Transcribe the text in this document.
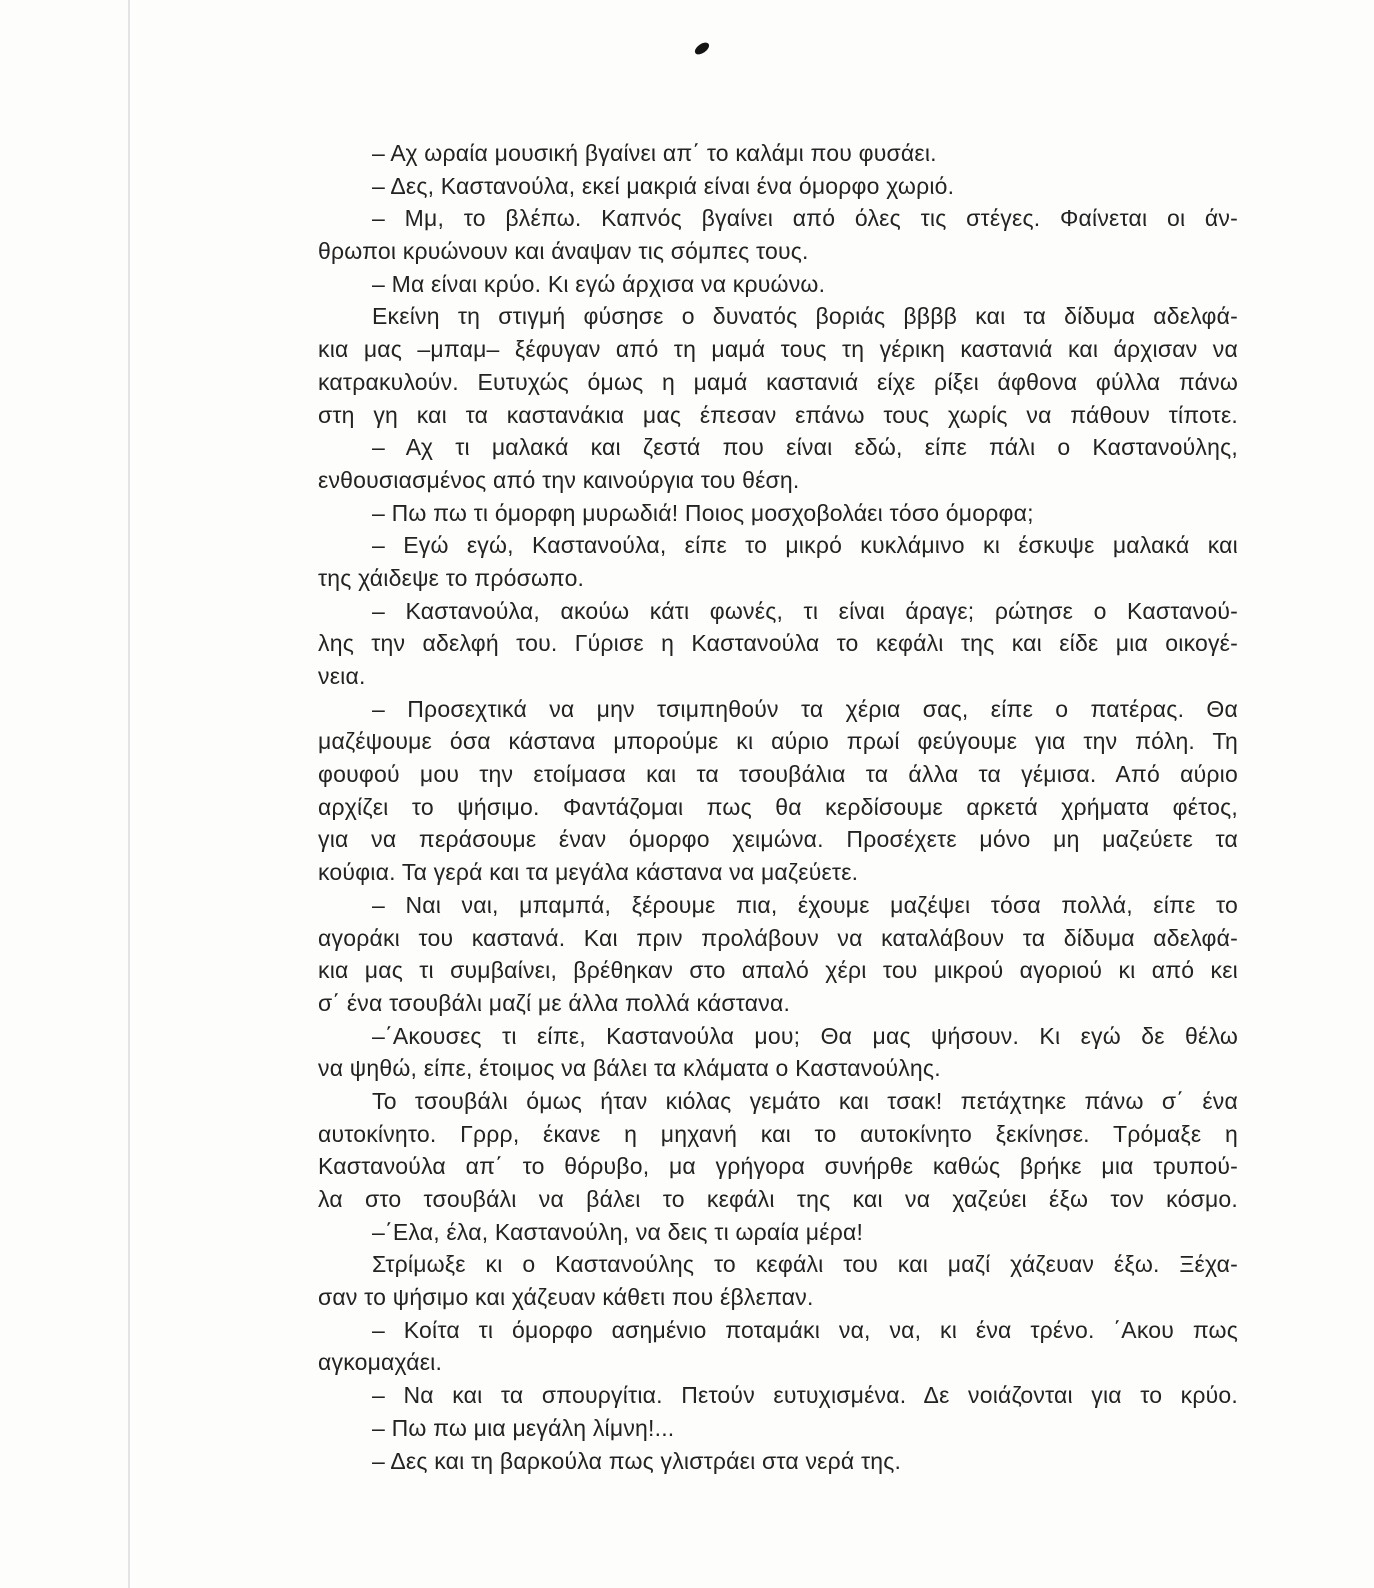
– Αχ ωραία μουσική βγαίνει απ΄ το καλάμι που φυσάει.
– Δες, Καστανούλα, εκεί μακριά είναι ένα όμορφο χωριό.
– Μμ, το βλέπω. Καπνός βγαίνει από όλες τις στέγες. Φαίνεται οι άν-
θρωποι κρυώνουν και άναψαν τις σόμπες τους.
– Μα είναι κρύο. Κι εγώ άρχισα να κρυώνω.
Εκείνη τη στιγμή φύσησε ο δυνατός βοριάς ββββ και τα δίδυμα αδελφά-
κια μας –μπαμ– ξέφυγαν από τη μαμά τους τη γέρικη καστανιά και άρχισαν να
κατρακυλούν. Ευτυχώς όμως η μαμά καστανιά είχε ρίξει άφθονα φύλλα πάνω
στη γη και τα καστανάκια μας έπεσαν επάνω τους χωρίς να πάθουν τίποτε.
– Αχ τι μαλακά και ζεστά που είναι εδώ, είπε πάλι ο Καστανούλης,
ενθουσιασμένος από την καινούργια του θέση.
– Πω πω τι όμορφη μυρωδιά! Ποιος μοσχοβολάει τόσο όμορφα;
– Εγώ εγώ, Καστανούλα, είπε το μικρό κυκλάμινο κι έσκυψε μαλακά και
της χάιδεψε το πρόσωπο.
– Καστανούλα, ακούω κάτι φωνές, τι είναι άραγε; ρώτησε ο Καστανού-
λης την αδελφή του. Γύρισε η Καστανούλα το κεφάλι της και είδε μια οικογέ-
νεια.
– Προσεχτικά να μην τσιμπηθούν τα χέρια σας, είπε ο πατέρας. Θα
μαζέψουμε όσα κάστανα μπορούμε κι αύριο πρωί φεύγουμε για την πόλη. Τη
φουφού μου την ετοίμασα και τα τσουβάλια τα άλλα τα γέμισα. Από αύριο
αρχίζει το ψήσιμο. Φαντάζομαι πως θα κερδίσουμε αρκετά χρήματα φέτος,
για να περάσουμε έναν όμορφο χειμώνα. Προσέχετε μόνο μη μαζεύετε τα
κούφια. Τα γερά και τα μεγάλα κάστανα να μαζεύετε.
– Ναι ναι, μπαμπά, ξέρουμε πια, έχουμε μαζέψει τόσα πολλά, είπε το
αγοράκι του καστανά. Και πριν προλάβουν να καταλάβουν τα δίδυμα αδελφά-
κια μας τι συμβαίνει, βρέθηκαν στο απαλό χέρι του μικρού αγοριού κι από κει
σ΄ ένα τσουβάλι μαζί με άλλα πολλά κάστανα.
–΄Ακουσες τι είπε, Καστανούλα μου; Θα μας ψήσουν. Κι εγώ δε θέλω
να ψηθώ, είπε, έτοιμος να βάλει τα κλάματα ο Καστανούλης.
Το τσουβάλι όμως ήταν κιόλας γεμάτο και τσακ! πετάχτηκε πάνω σ΄ ένα
αυτοκίνητο. Γρρρ, έκανε η μηχανή και το αυτοκίνητο ξεκίνησε. Τρόμαξε η
Καστανούλα απ΄ το θόρυβο, μα γρήγορα συνήρθε καθώς βρήκε μια τρυπού-
λα στο τσουβάλι να βάλει το κεφάλι της και να χαζεύει έξω τον κόσμο.
–΄Ελα, έλα, Καστανούλη, να δεις τι ωραία μέρα!
Στρίμωξε κι ο Καστανούλης το κεφάλι του και μαζί χάζευαν έξω. Ξέχα-
σαν το ψήσιμο και χάζευαν κάθετι που έβλεπαν.
– Κοίτα τι όμορφο ασημένιο ποταμάκι να, να, κι ένα τρένο. ΄Ακου πως
αγκομαχάει.
– Να και τα σπουργίτια. Πετούν ευτυχισμένα. Δε νοιάζονται για το κρύο.
– Πω πω μια μεγάλη λίμνη!...
– Δες και τη βαρκούλα πως γλιστράει στα νερά της.
